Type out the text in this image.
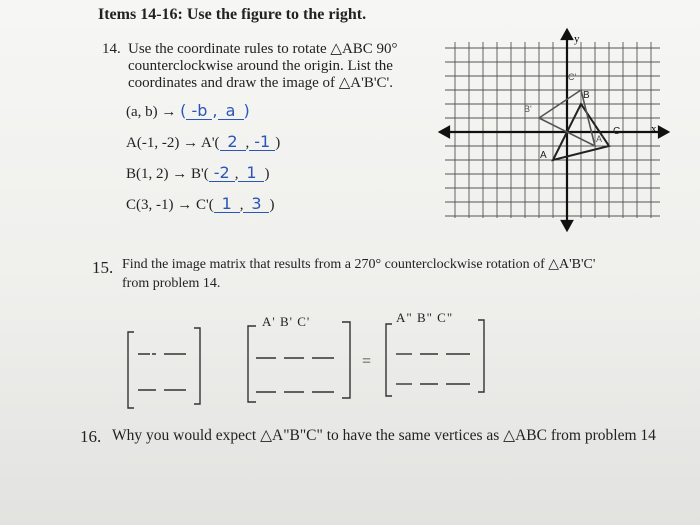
Items 14-16: Use the figure to the right.
14. Use the coordinate rules to rotate △ABC 90°
counterclockwise around the origin. List the
coordinates and draw the image of △A'B'C'.
(a, b) → ( -b , a )
A(-1, -2) → A'( 2 , -1 )
B(1, 2) → B'( -2 , 1 )
C(3, -1) → C'( 1 , 3 )
y
x
A
B
C
A'
B'
C'
15. Find the image matrix that results from a 270° counterclockwise rotation of △A'B'C'
from problem 14.
A' B' C'	A" B" C"
=
16. Why you would expect △A"B"C" to have the same vertices as △ABC from problem 14
